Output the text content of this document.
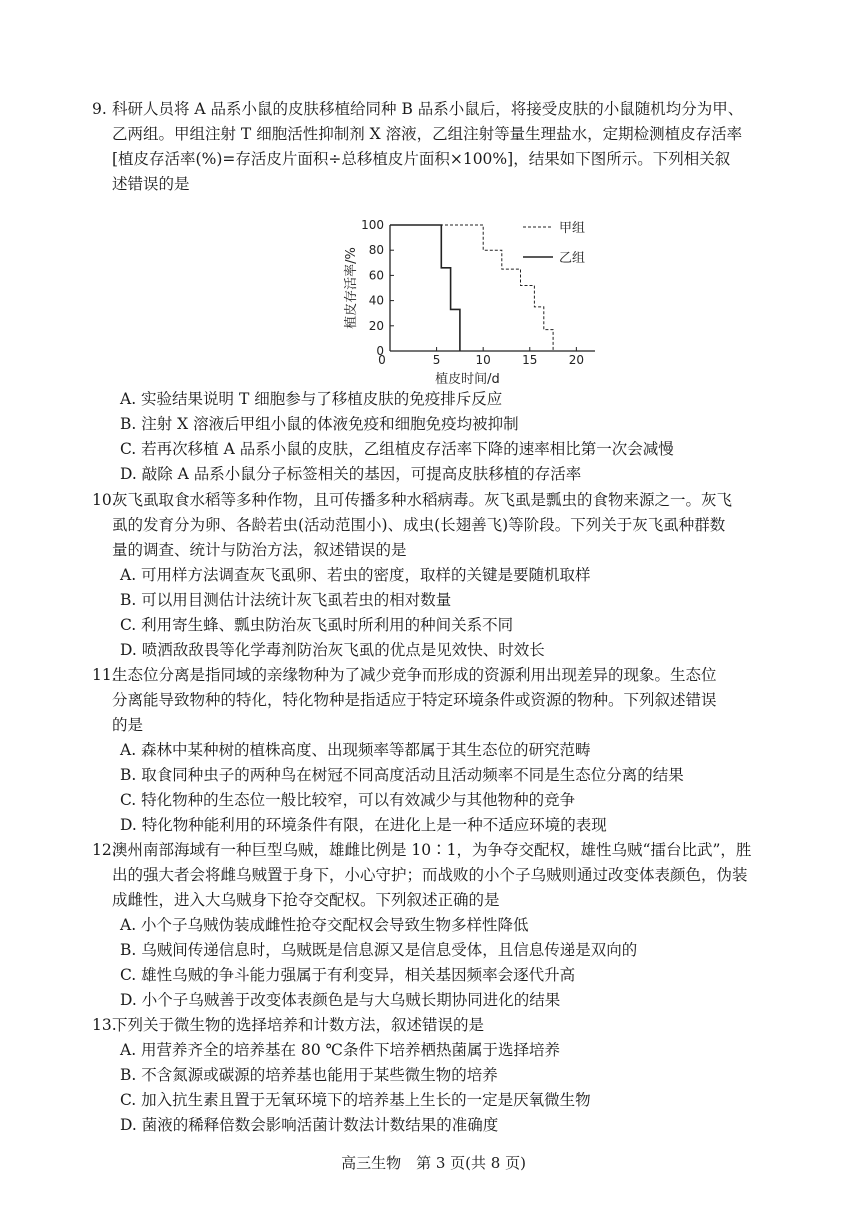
9. 科研人员将 A 品系小鼠的皮肤移植给同种 B 品系小鼠后，将接受皮肤的小鼠随机均分为甲、
乙两组。甲组注射 T 细胞活性抑制剂 X 溶液，乙组注射等量生理盐水，定期检测植皮存活率
[植皮存活率(%)=存活皮片面积÷总移植皮片面积×100%]，结果如下图所示。下列相关叙
述错误的是
0
20
40
60
80
100
0	5	10	15	20
植皮时间/d
植皮存活率/%
甲组
乙组
A. 实验结果说明 T 细胞参与了移植皮肤的免疫排斥反应
B. 注射 X 溶液后甲组小鼠的体液免疫和细胞免疫均被抑制
C. 若再次移植 A 品系小鼠的皮肤，乙组植皮存活率下降的速率相比第一次会减慢
D. 敲除 A 品系小鼠分子标签相关的基因，可提高皮肤移植的存活率
10.
灰飞虱取食水稻等多种作物，且可传播多种水稻病毒。灰飞虱是瓢虫的食物来源之一。灰飞
虱的发育分为卵、各龄若虫(活动范围小)、成虫(长翅善飞)等阶段。下列关于灰飞虱种群数
量的调查、统计与防治方法，叙述错误的是
A. 可用样方法调查灰飞虱卵、若虫的密度，取样的关键是要随机取样
B. 可以用目测估计法统计灰飞虱若虫的相对数量
C. 利用寄生蜂、瓢虫防治灰飞虱时所利用的种间关系不同
D. 喷洒敌敌畏等化学毒剂防治灰飞虱的优点是见效快、时效长
11.
生态位分离是指同域的亲缘物种为了减少竞争而形成的资源利用出现差异的现象。生态位
分离能导致物种的特化，特化物种是指适应于特定环境条件或资源的物种。下列叙述错误
的是
A. 森林中某种树的植株高度、出现频率等都属于其生态位的研究范畴
B. 取食同种虫子的两种鸟在树冠不同高度活动且活动频率不同是生态位分离的结果
C. 特化物种的生态位一般比较窄，可以有效减少与其他物种的竞争
D. 特化物种能利用的环境条件有限，在进化上是一种不适应环境的表现
12.
澳州南部海域有一种巨型乌贼，雄雌比例是 10∶1，为争夺交配权，雄性乌贼“擂台比武”，胜
出的强大者会将雌乌贼置于身下，小心守护；而战败的小个子乌贼则通过改变体表颜色，伪装
成雌性，进入大乌贼身下抢夺交配权。下列叙述正确的是
A. 小个子乌贼伪装成雌性抢夺交配权会导致生物多样性降低
B. 乌贼间传递信息时，乌贼既是信息源又是信息受体，且信息传递是双向的
C. 雄性乌贼的争斗能力强属于有利变异，相关基因频率会逐代升高
D. 小个子乌贼善于改变体表颜色是与大乌贼长期协同进化的结果
13.
下列关于微生物的选择培养和计数方法，叙述错误的是
A. 用营养齐全的培养基在 80 ℃条件下培养栖热菌属于选择培养
B. 不含氮源或碳源的培养基也能用于某些微生物的培养
C. 加入抗生素且置于无氧环境下的培养基上生长的一定是厌氧微生物
D. 菌液的稀释倍数会影响活菌计数法计数结果的准确度
高三生物　第 3 页(共 8 页)
